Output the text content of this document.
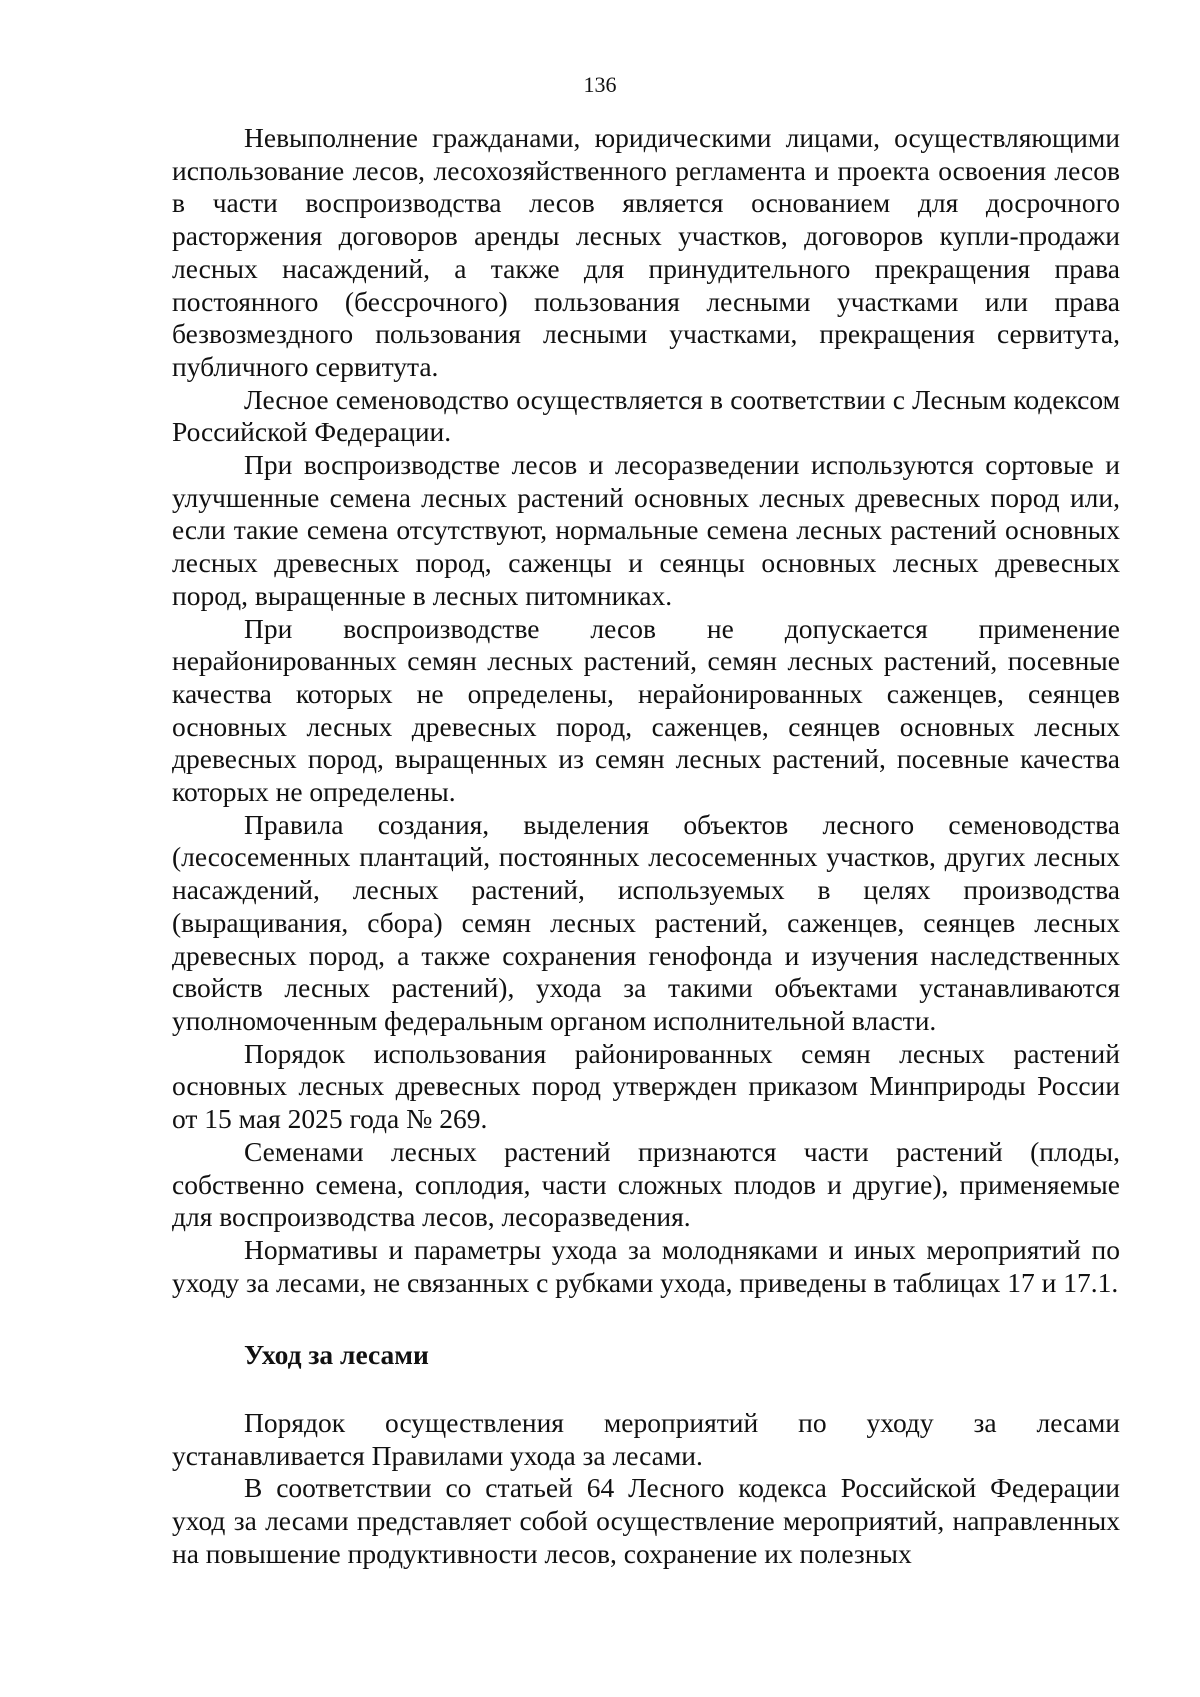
136

Невыполнение гражданами, юридическими лицами, осуществляющими использование лесов, лесохозяйственного регламента и проекта освоения лесов в части воспроизводства лесов является основанием для досрочного расторжения договоров аренды лесных участков, договоров купли-продажи лесных насаждений, а также для принудительного прекращения права постоянного (бессрочного) пользования лесными участками или права безвозмездного пользования лесными участками, прекращения сервитута, публичного сервитута.

Лесное семеноводство осуществляется в соответствии с Лесным кодексом Российской Федерации.

При воспроизводстве лесов и лесоразведении используются сортовые и улучшенные семена лесных растений основных лесных древесных пород или, если такие семена отсутствуют, нормальные семена лесных растений основных лесных древесных пород, саженцы и сеянцы основных лесных древесных пород, выращенные в лесных питомниках.

При воспроизводстве лесов не допускается применение нерайонированных семян лесных растений, семян лесных растений, посевные качества которых не определены, нерайонированных саженцев, сеянцев основных лесных древесных пород, саженцев, сеянцев основных лесных древесных пород, выращенных из семян лесных растений, посевные качества которых не определены.

Правила создания, выделения объектов лесного семеноводства (лесосеменных плантаций, постоянных лесосеменных участков, других лесных насаждений, лесных растений, используемых в целях производства (выращивания, сбора) семян лесных растений, саженцев, сеянцев лесных древесных пород, а также сохранения генофонда и изучения наследственных свойств лесных растений), ухода за такими объектами устанавливаются уполномоченным федеральным органом исполнительной власти.

Порядок использования районированных семян лесных растений основных лесных древесных пород утвержден приказом Минприроды России от 15 мая 2025 года № 269.

Семенами лесных растений признаются части растений (плоды, собственно семена, соплодия, части сложных плодов и другие), применяемые для воспроизводства лесов, лесоразведения.

Нормативы и параметры ухода за молодняками и иных мероприятий по уходу за лесами, не связанных с рубками ухода, приведены в таблицах 17 и 17.1.

Уход за лесами

Порядок осуществления мероприятий по уходу за лесами устанавливается Правилами ухода за лесами.

В соответствии со статьей 64 Лесного кодекса Российской Федерации уход за лесами представляет собой осуществление мероприятий, направленных на повышение продуктивности лесов, сохранение их полезных
